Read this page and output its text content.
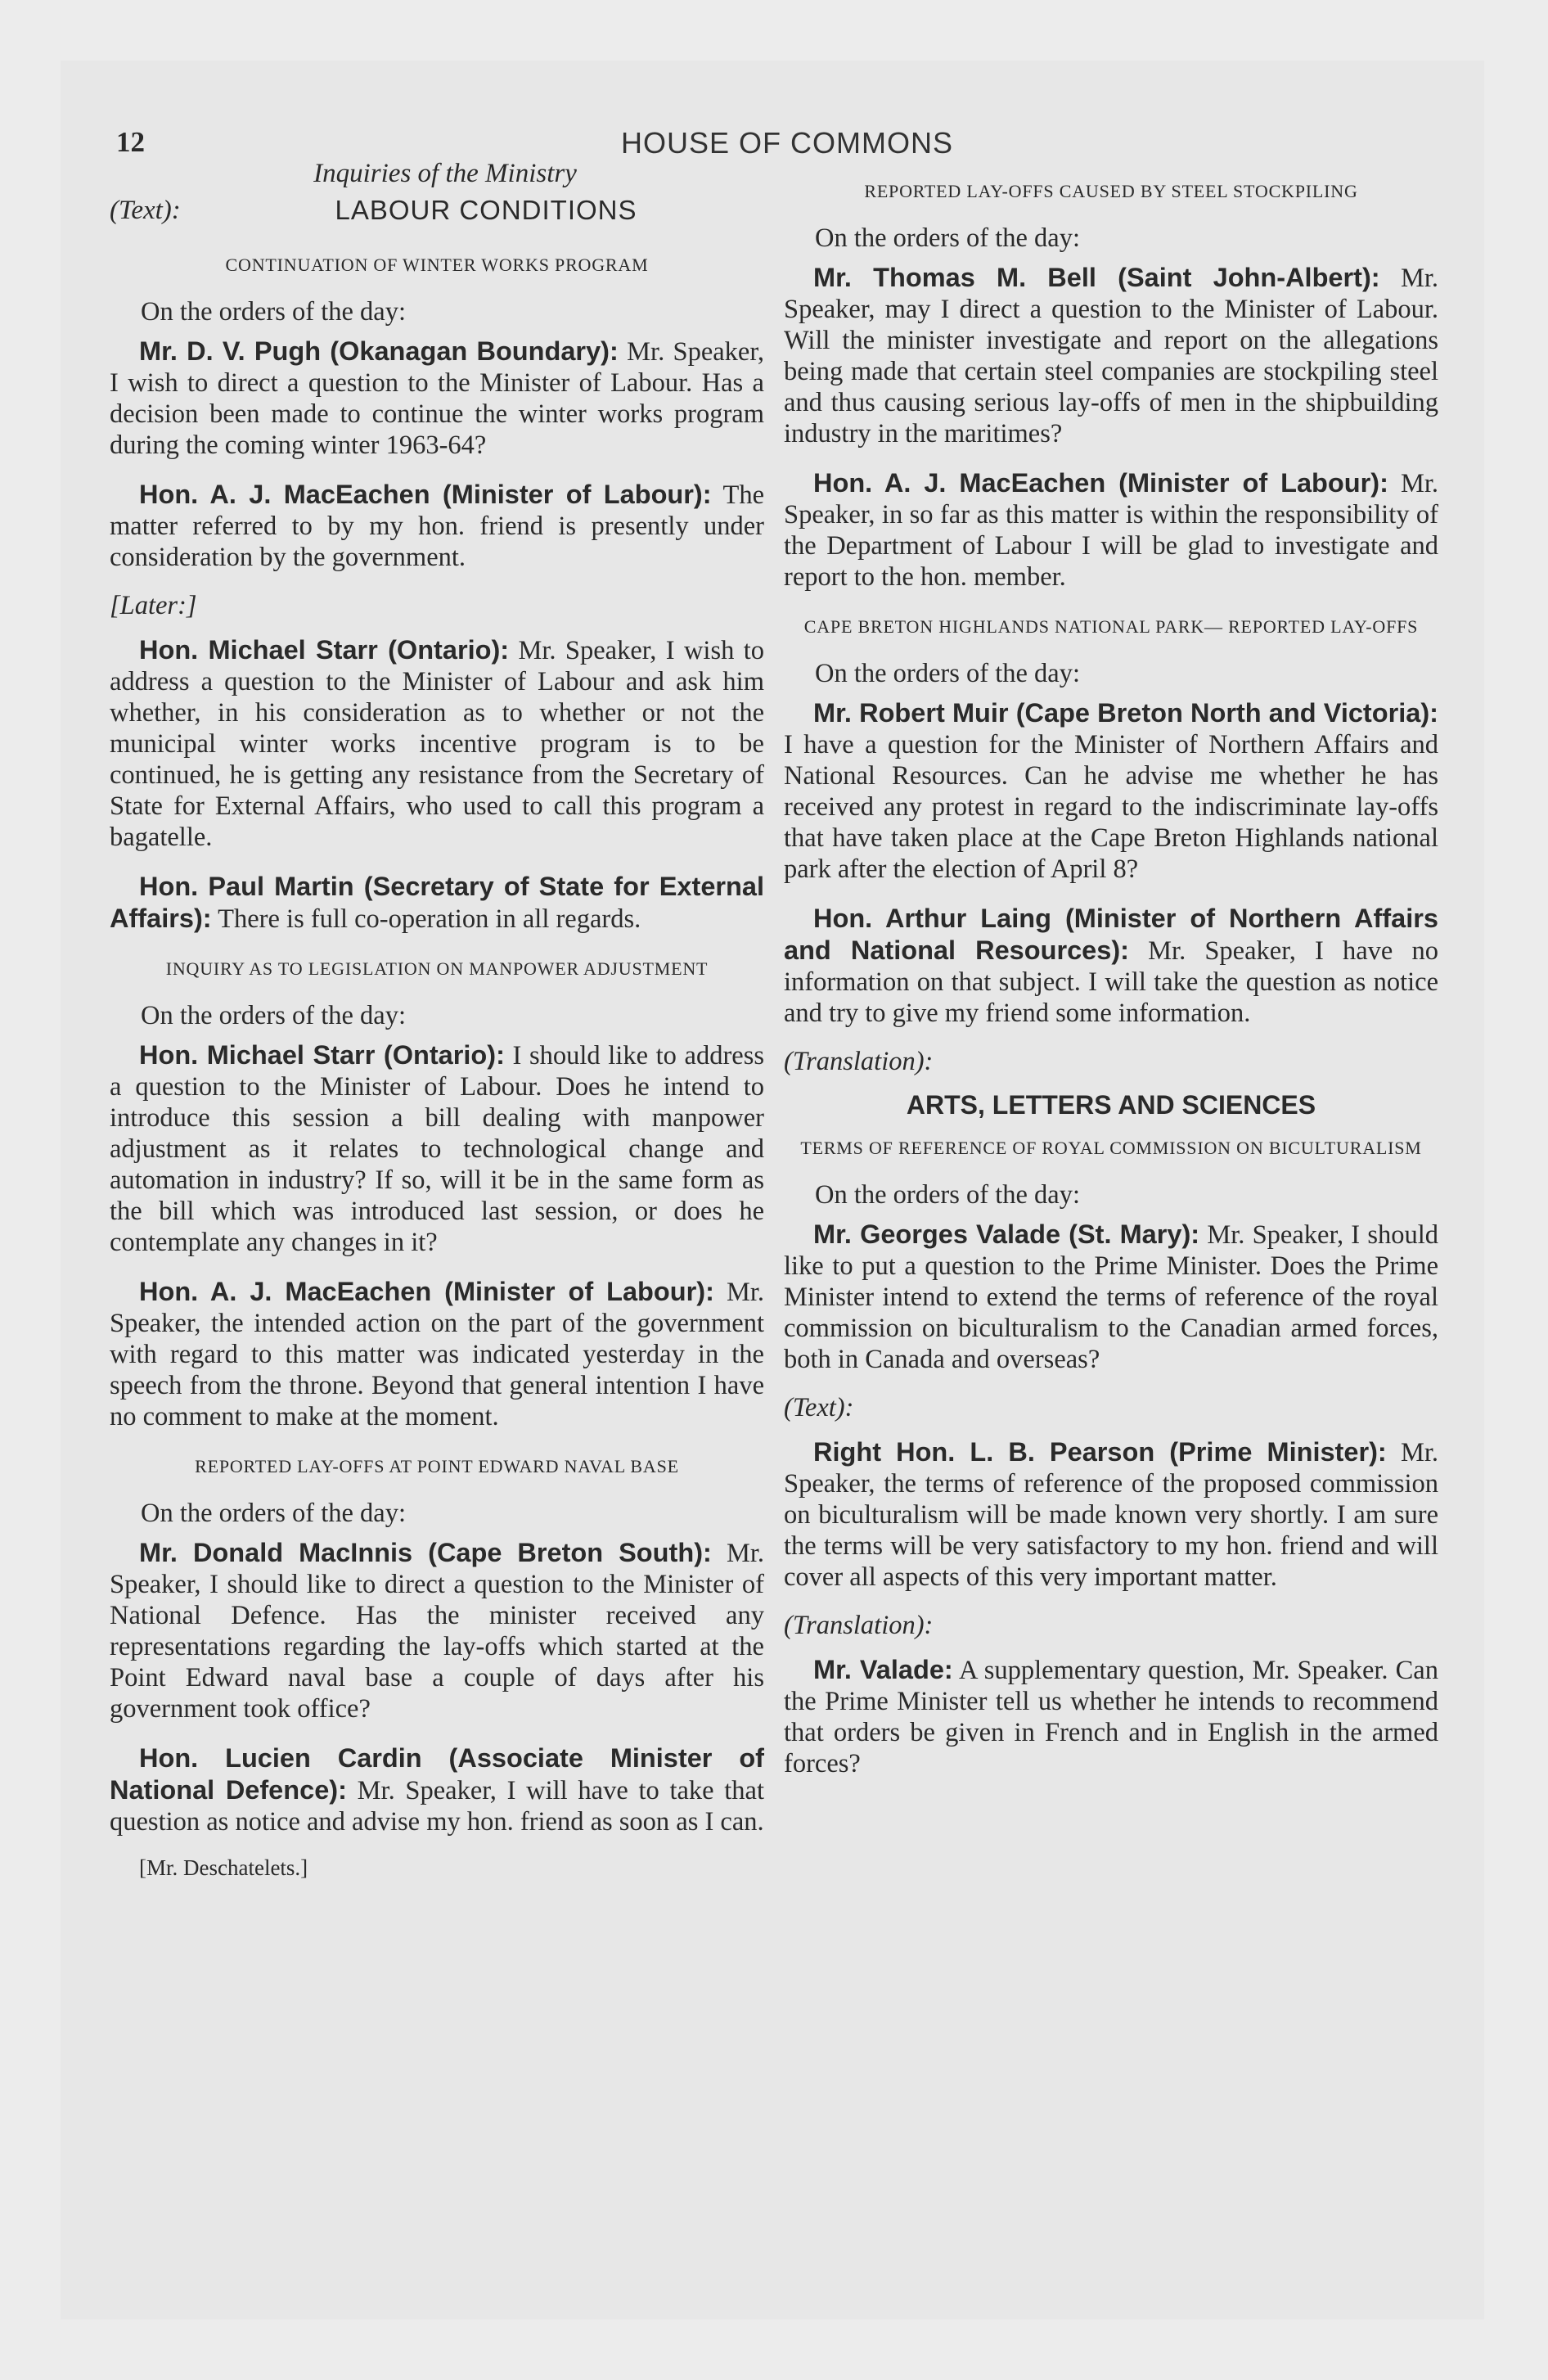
12	HOUSE OF COMMONS
Inquiries of the Ministry
(Text):	LABOUR CONDITIONS
CONTINUATION OF WINTER WORKS PROGRAM
On the orders of the day:

Mr. D. V. Pugh (Okanagan Boundary): Mr. Speaker, I wish to direct a question to the Minister of Labour. Has a decision been made to continue the winter works program during the coming winter 1963-64?

Hon. A. J. MacEachen (Minister of Labour): The matter referred to by my hon. friend is presently under consideration by the government.

[Later:]

Hon. Michael Starr (Ontario): Mr. Speaker, I wish to address a question to the Minister of Labour and ask him whether, in his consideration as to whether or not the municipal winter works incentive program is to be continued, he is getting any resistance from the Secretary of State for External Affairs, who used to call this program a bagatelle.

Hon. Paul Martin (Secretary of State for External Affairs): There is full co-operation in all regards.

INQUIRY AS TO LEGISLATION ON MANPOWER ADJUSTMENT
On the orders of the day:

Hon. Michael Starr (Ontario): I should like to address a question to the Minister of Labour. Does he intend to introduce this session a bill dealing with manpower adjustment as it relates to technological change and automation in industry? If so, will it be in the same form as the bill which was introduced last session, or does he contemplate any changes in it?

Hon. A. J. MacEachen (Minister of Labour): Mr. Speaker, the intended action on the part of the government with regard to this matter was indicated yesterday in the speech from the throne. Beyond that general intention I have no comment to make at the moment.

REPORTED LAY-OFFS AT POINT EDWARD NAVAL BASE
On the orders of the day:

Mr. Donald MacInnis (Cape Breton South): Mr. Speaker, I should like to direct a question to the Minister of National Defence. Has the minister received any representations regarding the lay-offs which started at the Point Edward naval base a couple of days after his government took office?

Hon. Lucien Cardin (Associate Minister of National Defence): Mr. Speaker, I will have to take that question as notice and advise my hon. friend as soon as I can.

[Mr. Deschatelets.]
REPORTED LAY-OFFS CAUSED BY STEEL STOCKPILING
On the orders of the day:

Mr. Thomas M. Bell (Saint John-Albert): Mr. Speaker, may I direct a question to the Minister of Labour. Will the minister investigate and report on the allegations being made that certain steel companies are stockpiling steel and thus causing serious lay-offs of men in the shipbuilding industry in the maritimes?

Hon. A. J. MacEachen (Minister of Labour): Mr. Speaker, in so far as this matter is within the responsibility of the Department of Labour I will be glad to investigate and report to the hon. member.

CAPE BRETON HIGHLANDS NATIONAL PARK— REPORTED LAY-OFFS
On the orders of the day:

Mr. Robert Muir (Cape Breton North and Victoria): I have a question for the Minister of Northern Affairs and National Resources. Can he advise me whether he has received any protest in regard to the indiscriminate lay-offs that have taken place at the Cape Breton Highlands national park after the election of April 8?

Hon. Arthur Laing (Minister of Northern Affairs and National Resources): Mr. Speaker, I have no information on that subject. I will take the question as notice and try to give my friend some information.

(Translation):
ARTS, LETTERS AND SCIENCES
TERMS OF REFERENCE OF ROYAL COMMISSION ON BICULTURALISM
On the orders of the day:

Mr. Georges Valade (St. Mary): Mr. Speaker, I should like to put a question to the Prime Minister. Does the Prime Minister intend to extend the terms of reference of the royal commission on biculturalism to the Canadian armed forces, both in Canada and overseas?

(Text):

Right Hon. L. B. Pearson (Prime Minister): Mr. Speaker, the terms of reference of the proposed commission on biculturalism will be made known very shortly. I am sure the terms will be very satisfactory to my hon. friend and will cover all aspects of this very important matter.

(Translation):

Mr. Valade: A supplementary question, Mr. Speaker. Can the Prime Minister tell us whether he intends to recommend that orders be given in French and in English in the armed forces?
